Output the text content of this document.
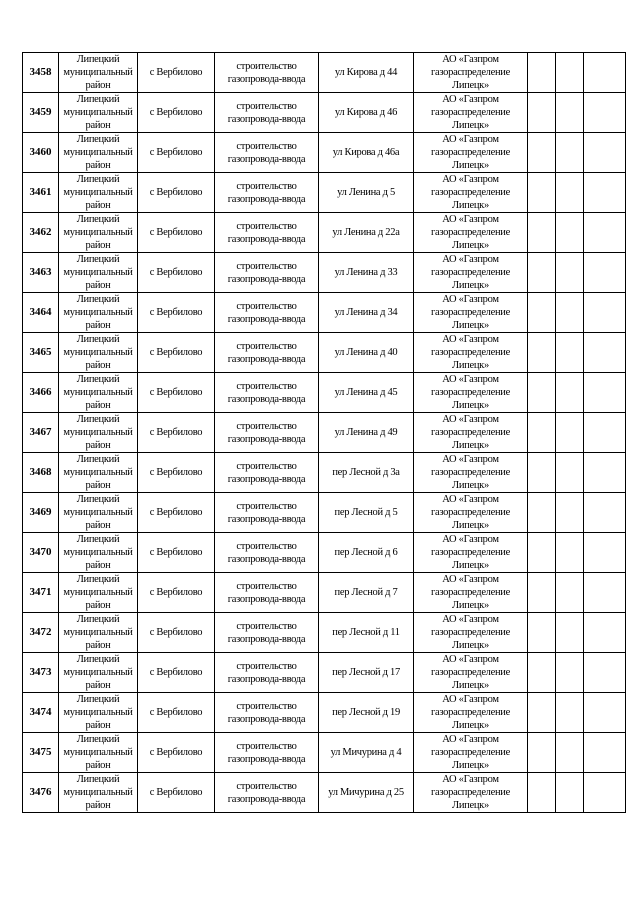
3458	Липецкий
муниципальный
район	с Вербилово	строительство
газопровода-ввода	ул Кирова д 44	АО «Газпром
газораспределение
Липецк»			

3459	Липецкий
муниципальный
район	с Вербилово	строительство
газопровода-ввода	ул Кирова д 46	АО «Газпром
газораспределение
Липецк»			

3460	Липецкий
муниципальный
район	с Вербилово	строительство
газопровода-ввода	ул Кирова д 46а	АО «Газпром
газораспределение
Липецк»			

3461	Липецкий
муниципальный
район	с Вербилово	строительство
газопровода-ввода	ул Ленина д 5	АО «Газпром
газораспределение
Липецк»			

3462	Липецкий
муниципальный
район	с Вербилово	строительство
газопровода-ввода	ул Ленина д 22а	АО «Газпром
газораспределение
Липецк»			

3463	Липецкий
муниципальный
район	с Вербилово	строительство
газопровода-ввода	ул Ленина д 33	АО «Газпром
газораспределение
Липецк»			

3464	Липецкий
муниципальный
район	с Вербилово	строительство
газопровода-ввода	ул Ленина д 34	АО «Газпром
газораспределение
Липецк»			

3465	Липецкий
муниципальный
район	с Вербилово	строительство
газопровода-ввода	ул Ленина д 40	АО «Газпром
газораспределение
Липецк»			

3466	Липецкий
муниципальный
район	с Вербилово	строительство
газопровода-ввода	ул Ленина д 45	АО «Газпром
газораспределение
Липецк»			

3467	Липецкий
муниципальный
район	с Вербилово	строительство
газопровода-ввода	ул Ленина д 49	АО «Газпром
газораспределение
Липецк»			

3468	Липецкий
муниципальный
район	с Вербилово	строительство
газопровода-ввода	пер Лесной д 3а	АО «Газпром
газораспределение
Липецк»			

3469	Липецкий
муниципальный
район	с Вербилово	строительство
газопровода-ввода	пер Лесной д 5	АО «Газпром
газораспределение
Липецк»			

3470	Липецкий
муниципальный
район	с Вербилово	строительство
газопровода-ввода	пер Лесной д 6	АО «Газпром
газораспределение
Липецк»			

3471	Липецкий
муниципальный
район	с Вербилово	строительство
газопровода-ввода	пер Лесной д 7	АО «Газпром
газораспределение
Липецк»			

3472	Липецкий
муниципальный
район	с Вербилово	строительство
газопровода-ввода	пер Лесной д 11	АО «Газпром
газораспределение
Липецк»			

3473	Липецкий
муниципальный
район	с Вербилово	строительство
газопровода-ввода	пер Лесной д 17	АО «Газпром
газораспределение
Липецк»			

3474	Липецкий
муниципальный
район	с Вербилово	строительство
газопровода-ввода	пер Лесной д 19	АО «Газпром
газораспределение
Липецк»			

3475	Липецкий
муниципальный
район	с Вербилово	строительство
газопровода-ввода	ул Мичурина д 4	АО «Газпром
газораспределение
Липецк»			

3476	Липецкий
муниципальный
район	с Вербилово	строительство
газопровода-ввода	ул Мичурина д 25	АО «Газпром
газораспределение
Липецк»			
